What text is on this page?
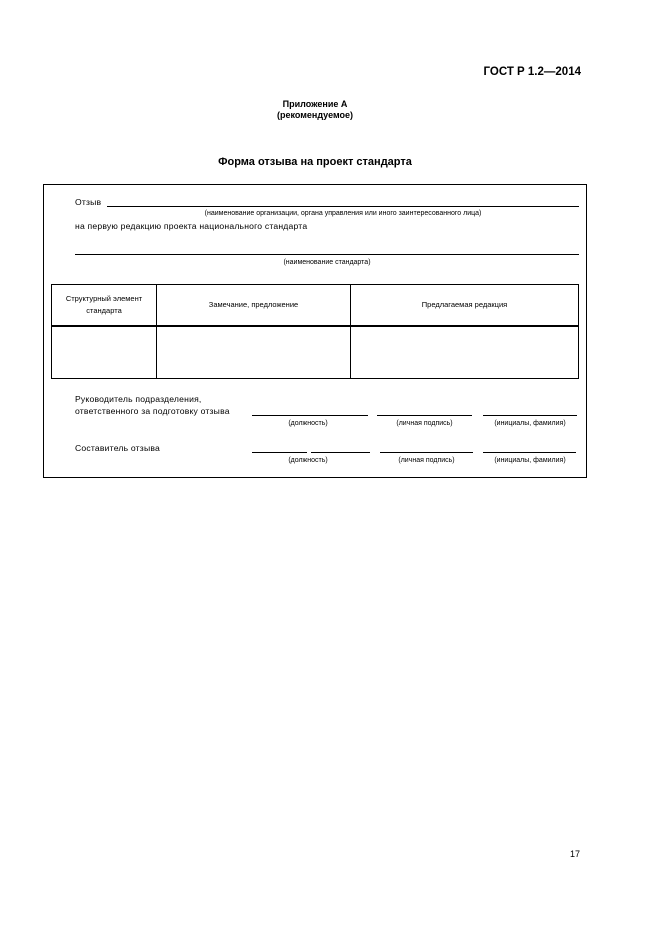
ГОСТ Р 1.2—2014
Приложение А
(рекомендуемое)
Форма отзыва на проект стандарта
Отзыв
(наименование организации, органа управления или иного заинтересованного лица)
на первую редакцию проекта национального стандарта
(наименование стандарта)
Структурный элемент стандарта	Замечание, предложение	Предлагаемая редакция

Руководитель подразделения,
ответственного за подготовку отзыва
(должность)	(личная подпись)	(инициалы, фамилия)
Составитель отзыва
(должность)	(личная подпись)	(инициалы, фамилия)
17
